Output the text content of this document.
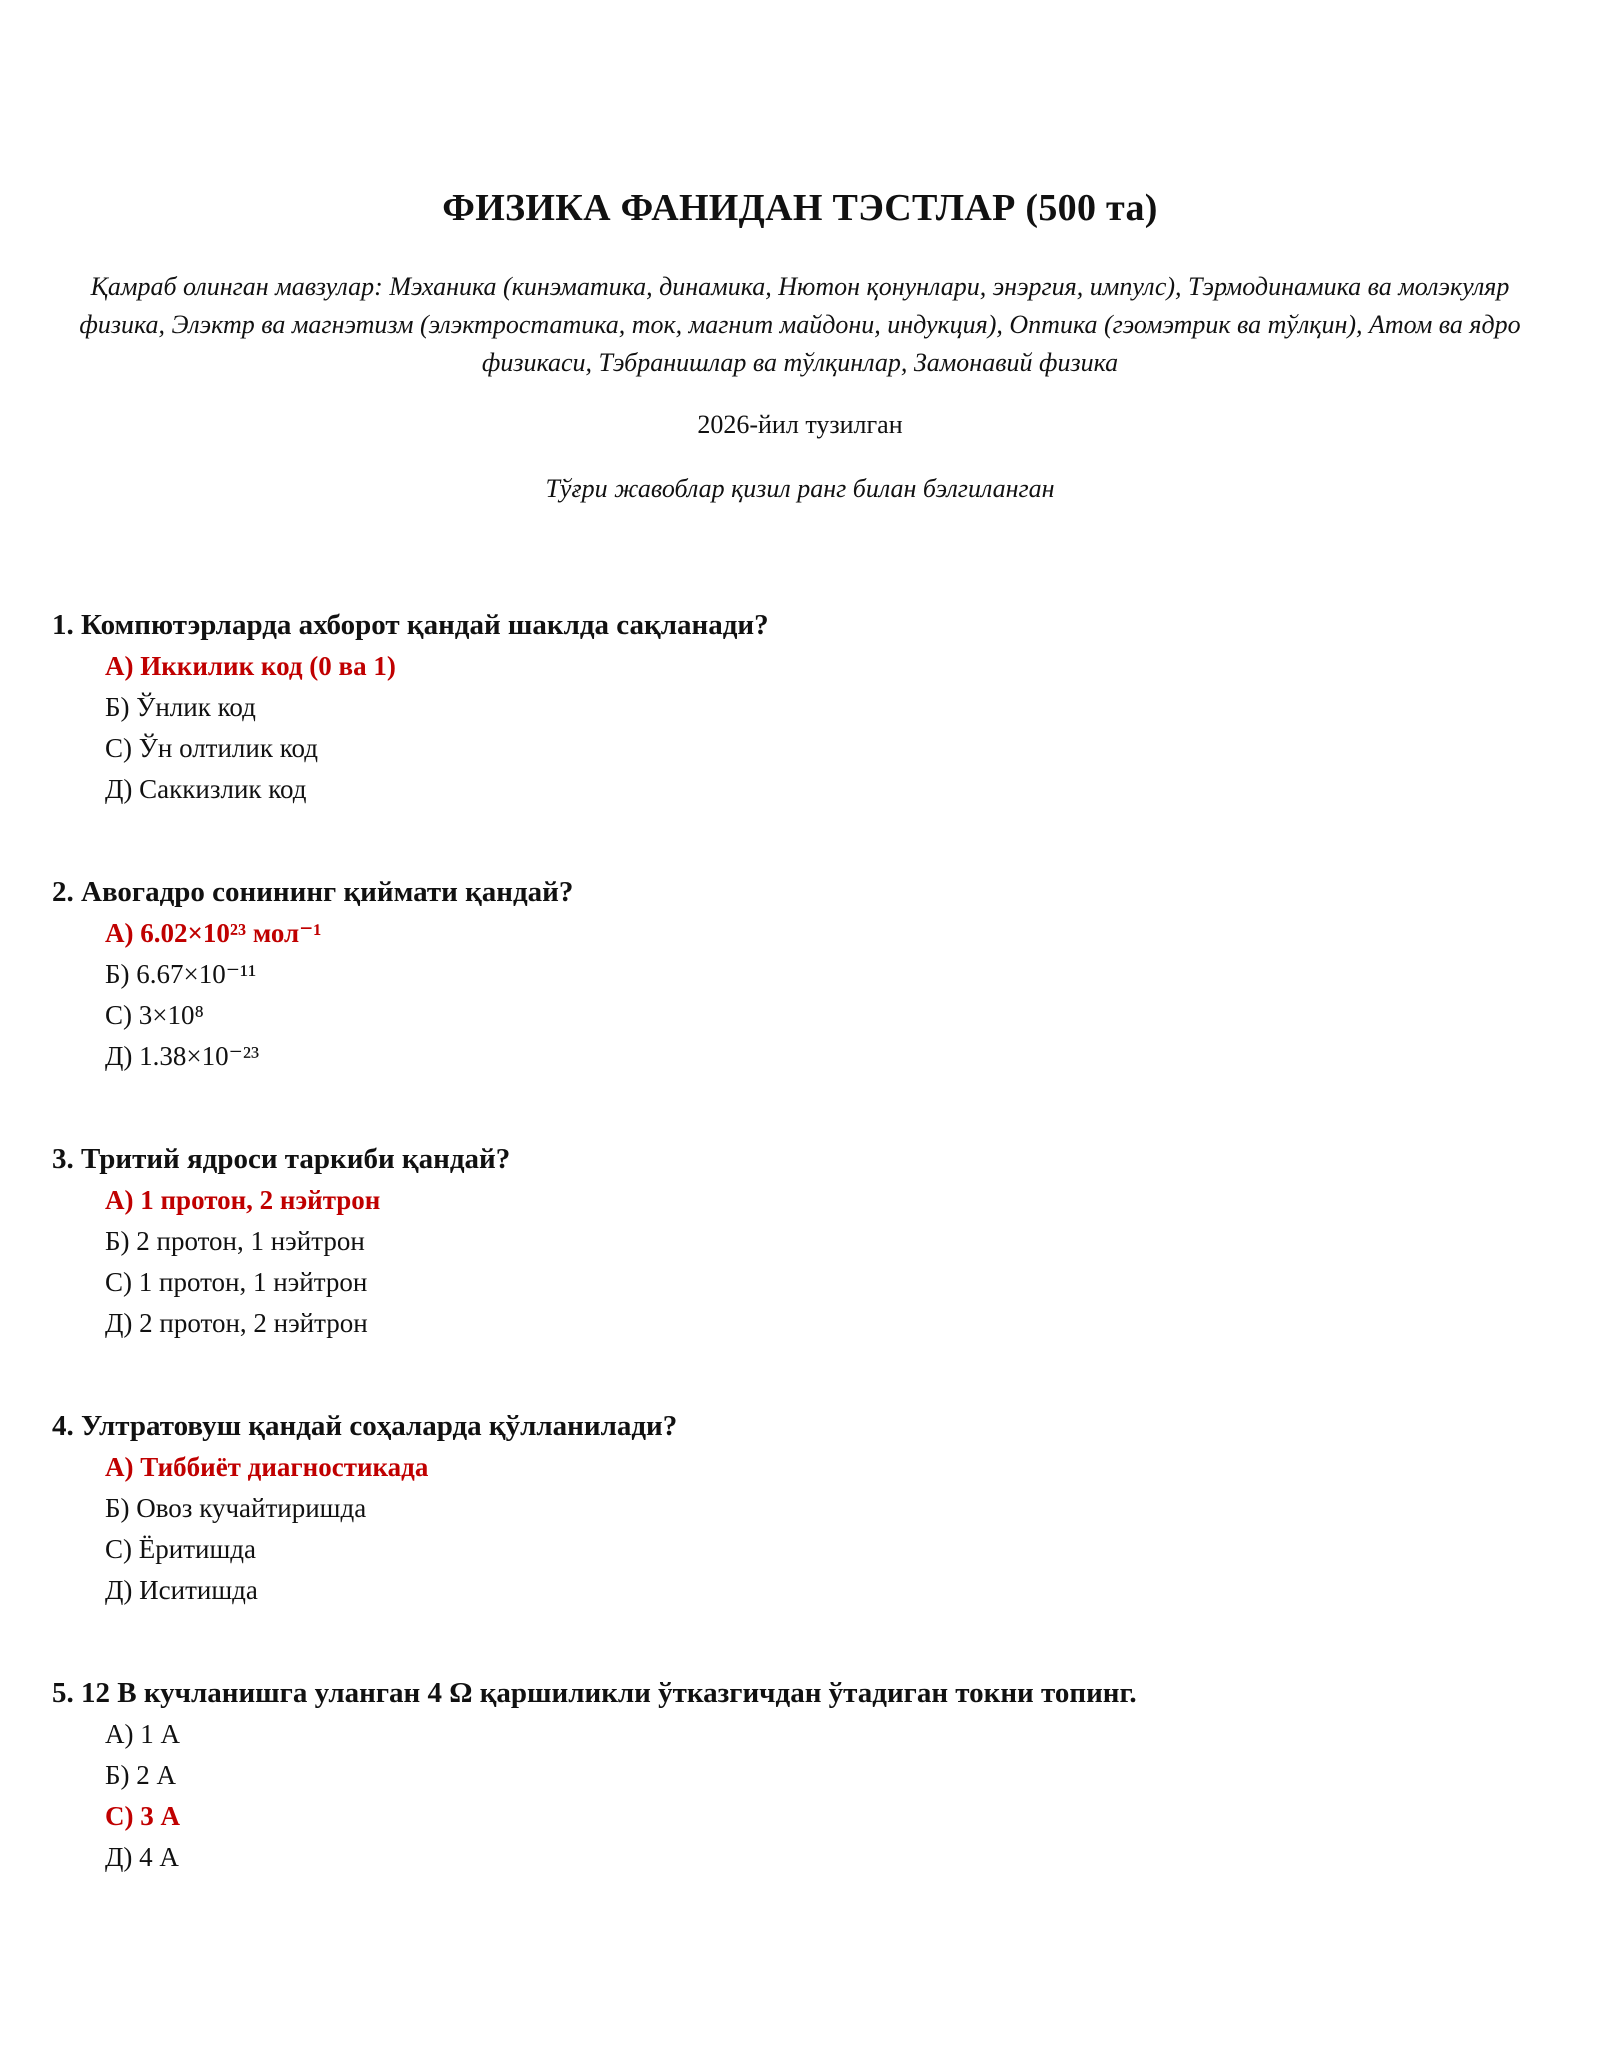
ФИЗИКА ФАНИДАН ТЭСТЛАР (500 та)

Қамраб олинган мавзулар: Мэханика (кинэматика, динамика, Нютон қонунлари, энэргия, импулс), Тэрмодинамика ва молэкуляр физика, Элэктр ва магнэтизм (элэктростатика, ток, магнит майдони, индукция), Оптика (гэомэтрик ва тўлқин), Атом ва ядро физикаси, Тэбранишлар ва тўлқинлар, Замонавий физика

2026-йил тузилган

Тўғри жавоблар қизил ранг билан бэлгиланган

1. Компютэрларда ахборот қандай шаклда сақланади?

А) Иккилик код (0 ва 1)
Б) Ўнлик код
С) Ўн олтилик код
Д) Саккизлик код

2. Авогадро сонининг қиймати қандай?

А) 6.02×10²³ мол⁻¹
Б) 6.67×10⁻¹¹
С) 3×10⁸
Д) 1.38×10⁻²³

3. Тритий ядроси таркиби қандай?

А) 1 протон, 2 нэйтрон
Б) 2 протон, 1 нэйтрон
С) 1 протон, 1 нэйтрон
Д) 2 протон, 2 нэйтрон

4. Ултратовуш қандай соҳаларда қўлланилади?

А) Тиббиёт диагностикада
Б) Овоз кучайтиришда
С) Ёритишда
Д) Иситишда

5. 12 В кучланишга уланган 4 Ω қаршиликли ўтказгичдан ўтадиган токни топинг.

А) 1 А
Б) 2 А
С) 3 А
Д) 4 А
